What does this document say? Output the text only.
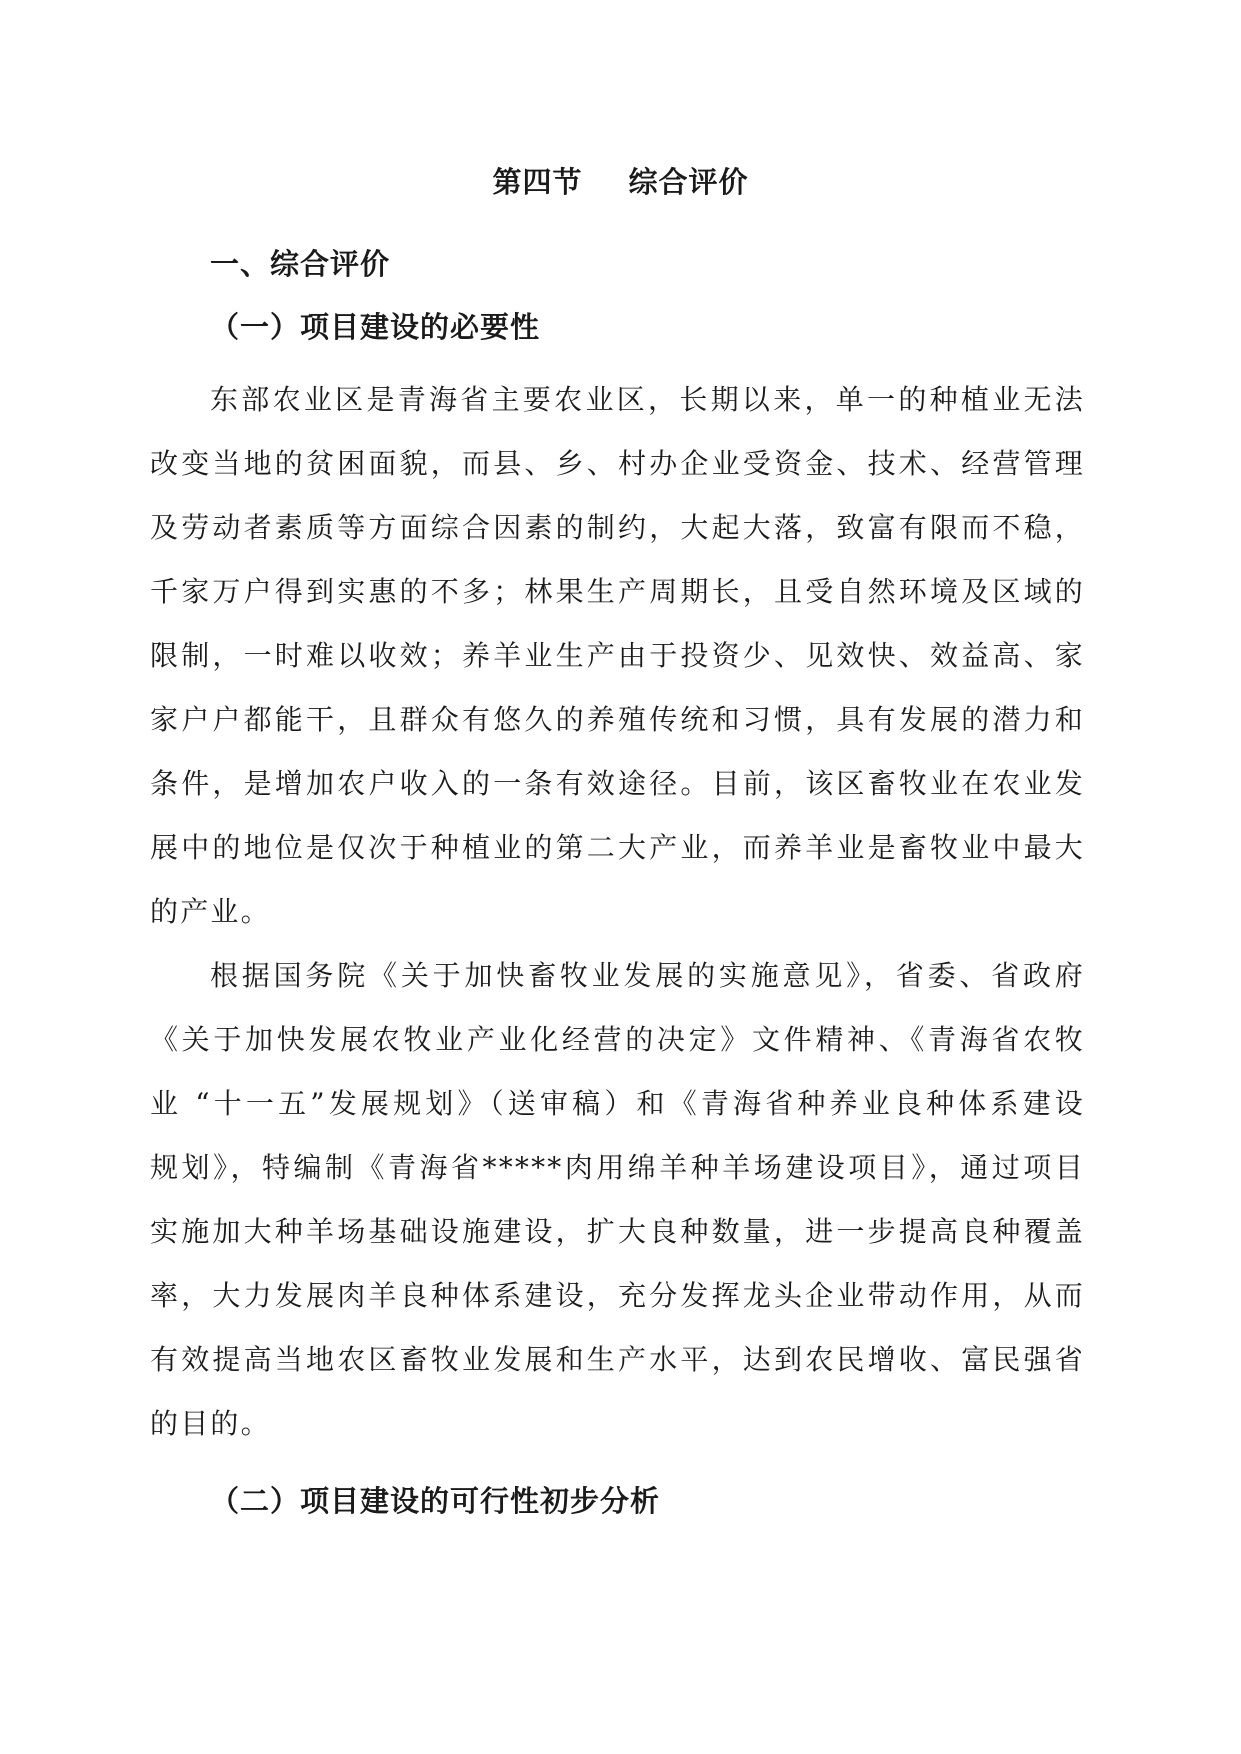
第四节 综合评价
一、综合评价
（一）项目建设的必要性
东部农业区是青海省主要农业区，长期以来，单一的种植业无法
改变当地的贫困面貌，而县、乡、村办企业受资金、技术、经营管理
及劳动者素质等方面综合因素的制约，大起大落，致富有限而不稳，
千家万户得到实惠的不多；林果生产周期长，且受自然环境及区域的
限制，一时难以收效；养羊业生产由于投资少、见效快、效益高、家
家户户都能干，且群众有悠久的养殖传统和习惯，具有发展的潜力和
条件，是增加农户收入的一条有效途径。目前，该区畜牧业在农业发
展中的地位是仅次于种植业的第二大产业，而养羊业是畜牧业中最大
的产业。
根据国务院《关于加快畜牧业发展的实施意见》，省委、省政府
《关于加快发展农牧业产业化经营的决定》文件精神、《青海省农牧
业 “十一五”发展规划》（送审稿）和《青海省种养业良种体系建设
规划》，特编制《青海省*****肉用绵羊种羊场建设项目》，通过项目
实施加大种羊场基础设施建设，扩大良种数量，进一步提高良种覆盖
率，大力发展肉羊良种体系建设，充分发挥龙头企业带动作用，从而
有效提高当地农区畜牧业发展和生产水平，达到农民增收、富民强省
的目的。
（二）项目建设的可行性初步分析
